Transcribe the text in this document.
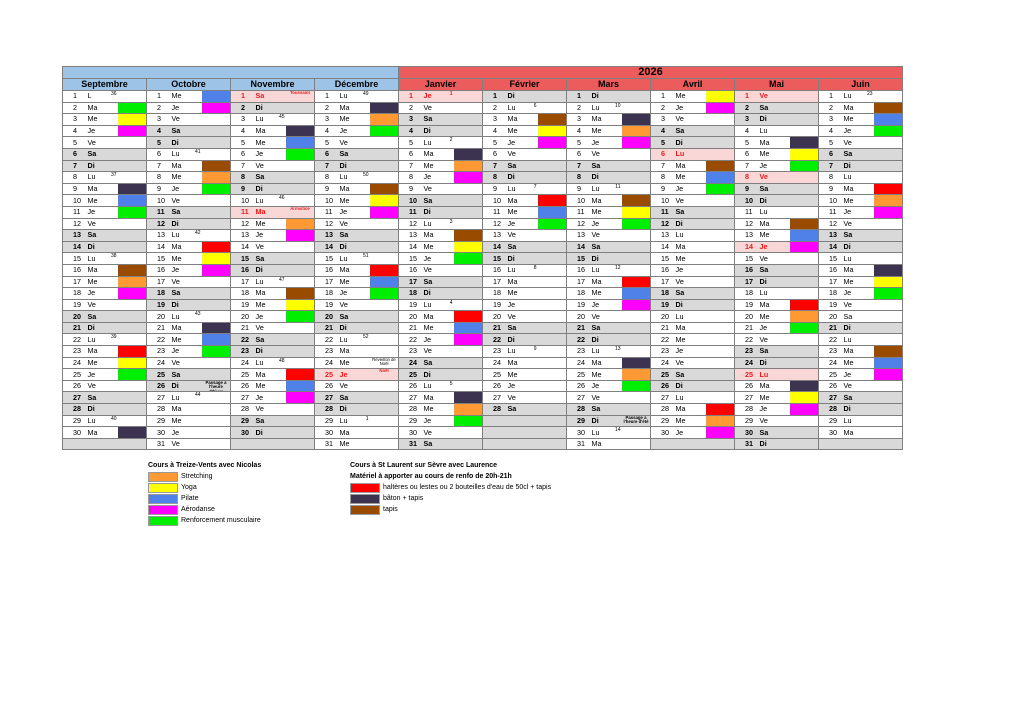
												2026																	
Septembre			Octobre			Novembre			Décembre			Janvier			Février			Mars			Avril			Mai			Juin		
1	L 36		1	Me		1	Sa	Toussaint	1	Lu 49		1	Je 1		1	Di		1	Di		1	Me		1	Ve		1	Lu 23	

2	Ma		2	Je		2	Di		2	Ma		2	Ve		2	Lu 6		2	Lu 10		2	Je		2	Sa		2	Ma	

3	Me		3	Ve		3	Lu 45		3	Me		3	Sa		3	Ma		3	Ma		3	Ve		3	Di		3	Me	

4	Je		4	Sa		4	Ma		4	Je		4	Di		4	Me		4	Me		4	Sa		4	Lu		4	Je	

5	Ve		5	Di		5	Me		5	Ve		5	Lu 2		5	Je		5	Je		5	Di		5	Ma		5	Ve	
6	Sa		6	Lu 41		6	Je		6	Sa		6	Ma		6	Ve		6	Ve		6	Lu		6	Me		6	Sa	
7	Di		7	Ma		7	Ve		7	Di		7	Me		7	Sa		7	Sa		7	Ma		7	Je		7	Di	
8	Lu 37		8	Me		8	Sa		8	Lu 50		8	Je		8	Di		8	Di		8	Me		8	Ve		8	Lu	
9	Ma		9	Je		9	Di		9	Ma		9	Ve		9	Lu 7		9	Lu 11		9	Je		9	Sa		9	Ma	

10	Me		10	Ve		10	Lu 46		10	Me		10	Sa		10	Ma		10	Ma		10	Ve		10	Di		10	Me	

11	Je		11	Sa		11	Ma	Armistice	11	Je		11	Di		11	Me		11	Me		11	Sa		11	Lu		11	Je	

12	Ve		12	Di		12	Me		12	Ve		12	Lu 3		12	Je		12	Je		12	Di		12	Ma		12	Ve	
13	Sa		13	Lu 42		13	Je		13	Sa		13	Ma		13	Ve		13	Ve		13	Lu		13	Me		13	Sa	
14	Di		14	Ma		14	Ve		14	Di		14	Me		14	Sa		14	Sa		14	Ma		14	Je		14	Di	
15	Lu 38		15	Me		15	Sa		15	Lu 51		15	Je		15	Di		15	Di		15	Me		15	Ve		15	Lu	
16	Ma		16	Je		16	Di		16	Ma		16	Ve		16	Lu 8		16	Lu 12		16	Je		16	Sa		16	Ma	

17	Me		17	Ve		17	Lu 47		17	Me		17	Sa		17	Ma		17	Ma		17	Ve		17	Di		17	Me	

18	Je		18	Sa		18	Ma		18	Je		18	Di		18	Me		18	Me		18	Sa		18	Lu		18	Je	

19	Ve		19	Di		19	Me		19	Ve		19	Lu 4		19	Je		19	Je		19	Di		19	Ma		19	Ve	
20	Sa		20	Lu 43		20	Je		20	Sa		20	Ma		20	Ve		20	Ve		20	Lu		20	Me		20	Sa	
21	Di		21	Ma		21	Ve		21	Di		21	Me		21	Sa		21	Sa		21	Ma		21	Je		21	Di	
22	Lu 39		22	Me		22	Sa		22	Lu 52		22	Je		22	Di		22	Di		22	Me		22	Ve		22	Lu	
23	Ma		23	Je		23	Di		23	Ma		23	Ve		23	Lu 9		23	Lu 13		23	Je		23	Sa		23	Ma	

24	Me		24	Ve		24	Lu 48		24	Me	Réveillon de Noël	24	Sa		24	Ma		24	Ma		24	Ve		24	Di		24	Me	

25	Je		25	Sa		25	Ma		25	Je	Noël	25	Di		25	Me		25	Me		25	Sa		25	Lu		25	Je	

26	Ve		26	Di	Passage à l'heure d'hiver	26	Me		26	Ve		26	Lu 5		26	Je		26	Je		26	Di		26	Ma		26	Ve	
27	Sa		27	Lu 44		27	Je		27	Sa		27	Ma		27	Ve		27	Ve		27	Lu		27	Me		27	Sa	
28	Di		28	Ma		28	Ve		28	Di		28	Me		28	Sa		28	Sa		28	Ma		28	Je		28	Di	
29	Lu 40		29	Me		29	Sa		29	Lu 1		29	Je					29	Di	Passage à l'heure d'été	29	Me		29	Ve		29	Lu	
30	Ma		30	Je		30	Di		30	Ma		30	Ve					30	Lu 14		30	Je		30	Sa		30	Ma	
			31	Ve					31	Me		31	Sa					31	Ma					31	Di				
Cours à Treize-Vents avec Nicolas
Stretching
Yoga
Pilate
Aérodanse
Renforcement musculaire
Cours à St Laurent sur Sèvre avec Laurence
Matériel à apporter au cours de renfo de 20h-21h
haltères ou lestes ou 2 bouteilles d'eau de 50cl + tapis
bâton + tapis
tapis
